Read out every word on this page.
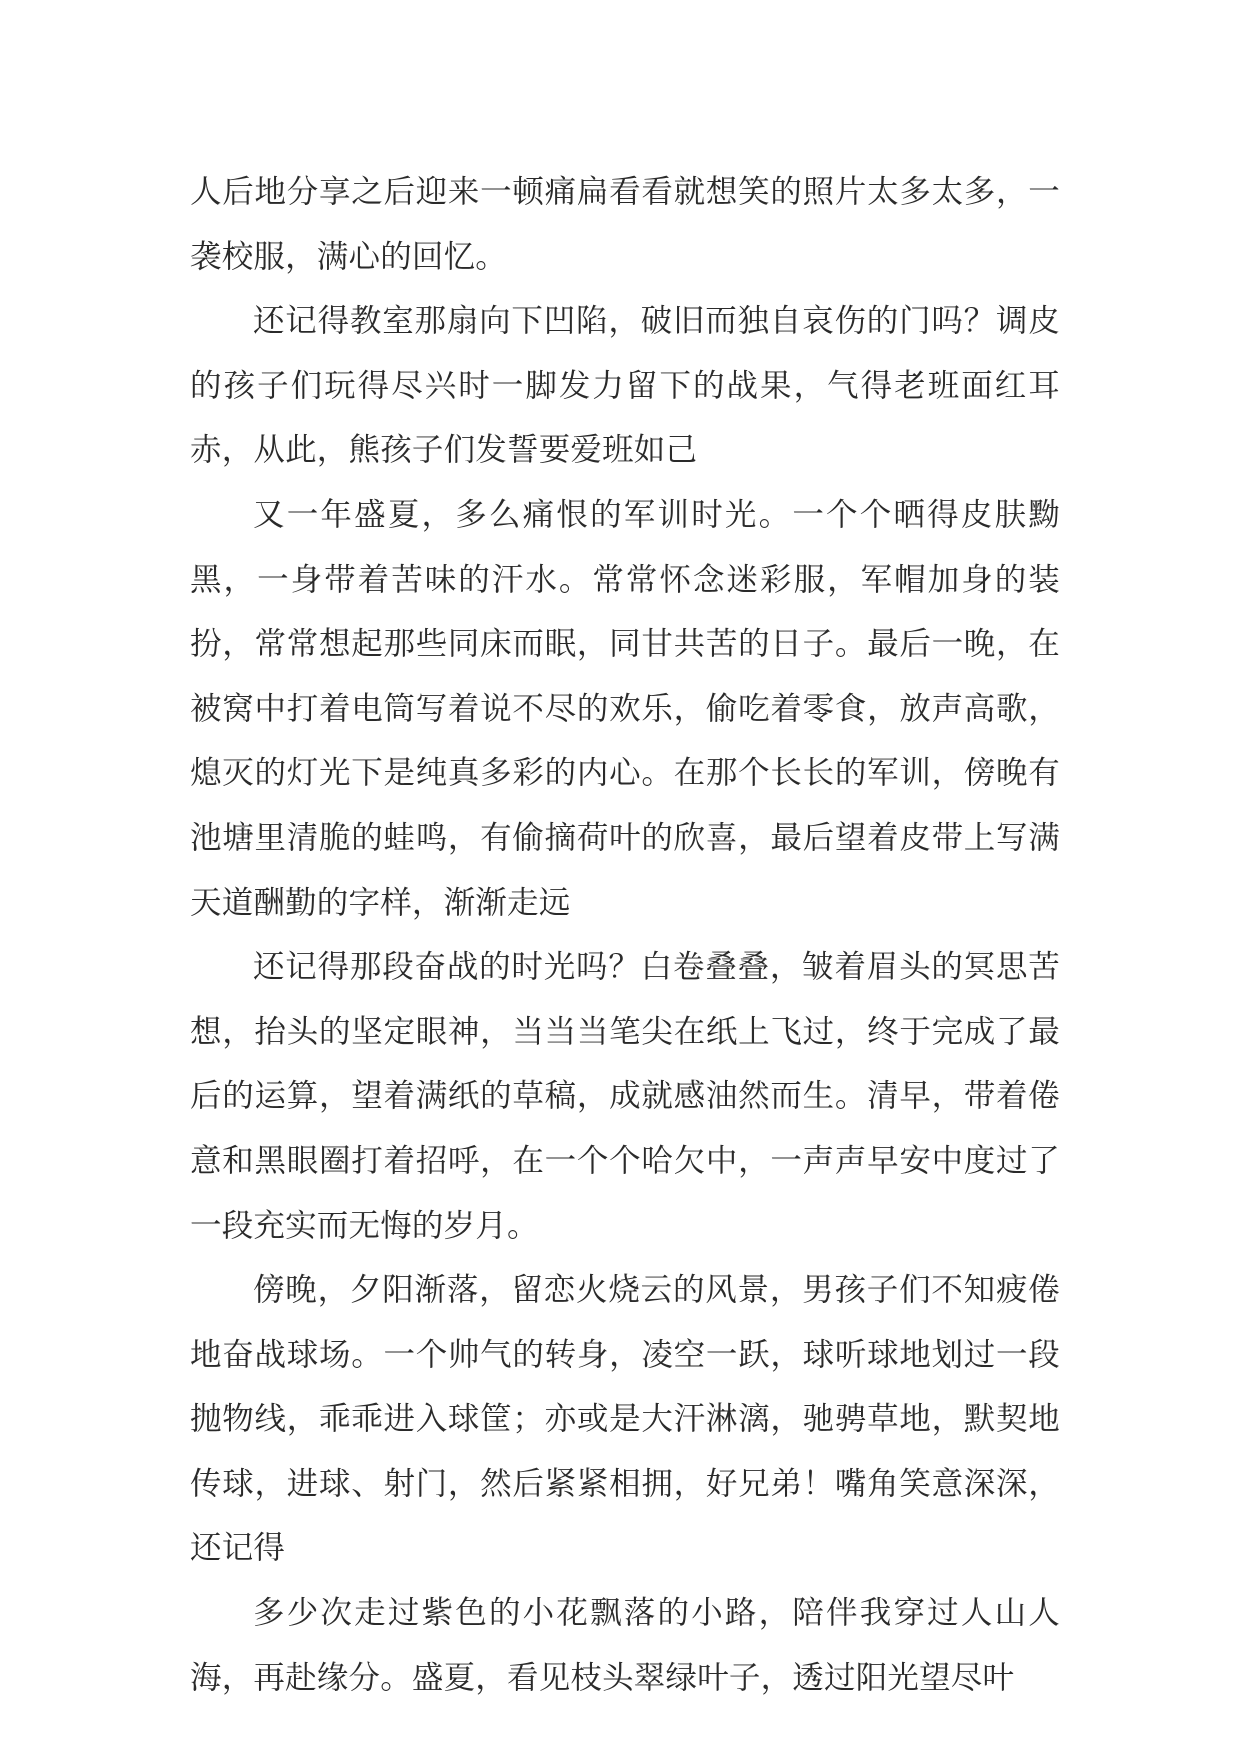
人后地分享之后迎来一顿痛扁看看就想笑的照片太多太多，一袭校服，满心的回忆。

还记得教室那扇向下凹陷，破旧而独自哀伤的门吗？调皮的孩子们玩得尽兴时一脚发力留下的战果，气得老班面红耳赤，从此，熊孩子们发誓要爱班如己

又一年盛夏，多么痛恨的军训时光。一个个晒得皮肤黝黑，一身带着苦味的汗水。常常怀念迷彩服，军帽加身的装扮，常常想起那些同床而眠，同甘共苦的日子。最后一晚，在被窝中打着电筒写着说不尽的欢乐，偷吃着零食，放声高歌，熄灭的灯光下是纯真多彩的内心。在那个长长的军训，傍晚有池塘里清脆的蛙鸣，有偷摘荷叶的欣喜，最后望着皮带上写满天道酬勤的字样，渐渐走远

还记得那段奋战的时光吗？白卷叠叠，皱着眉头的冥思苦想，抬头的坚定眼神，当当当笔尖在纸上飞过，终于完成了最后的运算，望着满纸的草稿，成就感油然而生。清早，带着倦意和黑眼圈打着招呼，在一个个哈欠中，一声声早安中度过了一段充实而无悔的岁月。

傍晚，夕阳渐落，留恋火烧云的风景，男孩子们不知疲倦地奋战球场。一个帅气的转身，凌空一跃，球听球地划过一段抛物线，乖乖进入球筐；亦或是大汗淋漓，驰骋草地，默契地传球，进球、射门，然后紧紧相拥，好兄弟！嘴角笑意深深，还记得

多少次走过紫色的小花飘落的小路，陪伴我穿过人山人海，再赴缘分。盛夏，看见枝头翠绿叶子，透过阳光望尽叶
